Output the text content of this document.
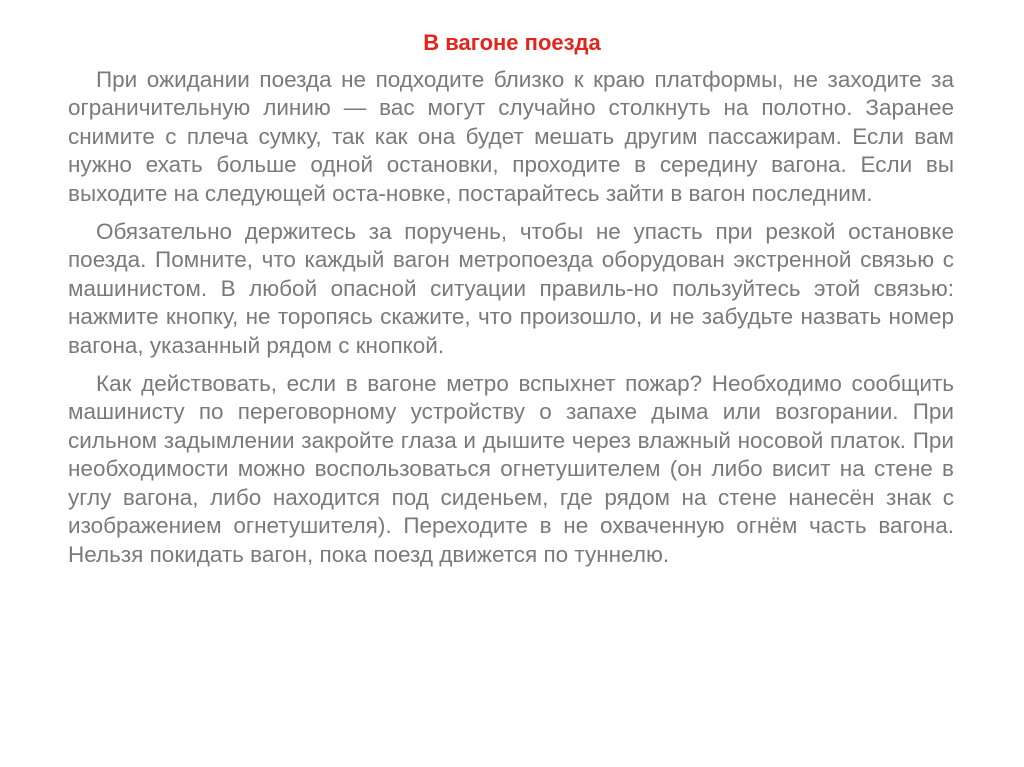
В вагоне поезда

При ожидании поезда не подходите близко к краю платформы, не заходите за ограничительную линию — вас могут случайно столкнуть на полотно. Заранее снимите с плеча сумку, так как она будет мешать другим пассажирам. Если вам нужно ехать больше одной остановки, проходите в середину вагона. Если вы выходите на следующей оста-новке, постарайтесь зайти в вагон последним.

Обязательно держитесь за поручень, чтобы не упасть при резкой остановке поезда. Помните, что каждый вагон метропоезда оборудован экстренной связью с машинистом. В любой опасной ситуации правиль-но пользуйтесь этой связью: нажмите кнопку, не торопясь скажите, что произошло, и не забудьте назвать номер вагона, указанный рядом с кнопкой.

Как действовать, если в вагоне метро вспыхнет пожар? Необходимо сообщить машинисту по переговорному устройству о запахе дыма или возгорании. При сильном задымлении закройте глаза и дышите через влажный носовой платок. При необходимости можно воспользоваться огнетушителем (он либо висит на стене в углу вагона, либо находится под сиденьем, где рядом на стене нанесён знак с изображением огнетушителя). Переходите в не охваченную огнём часть вагона. Нельзя покидать вагон, пока поезд движется по туннелю.
